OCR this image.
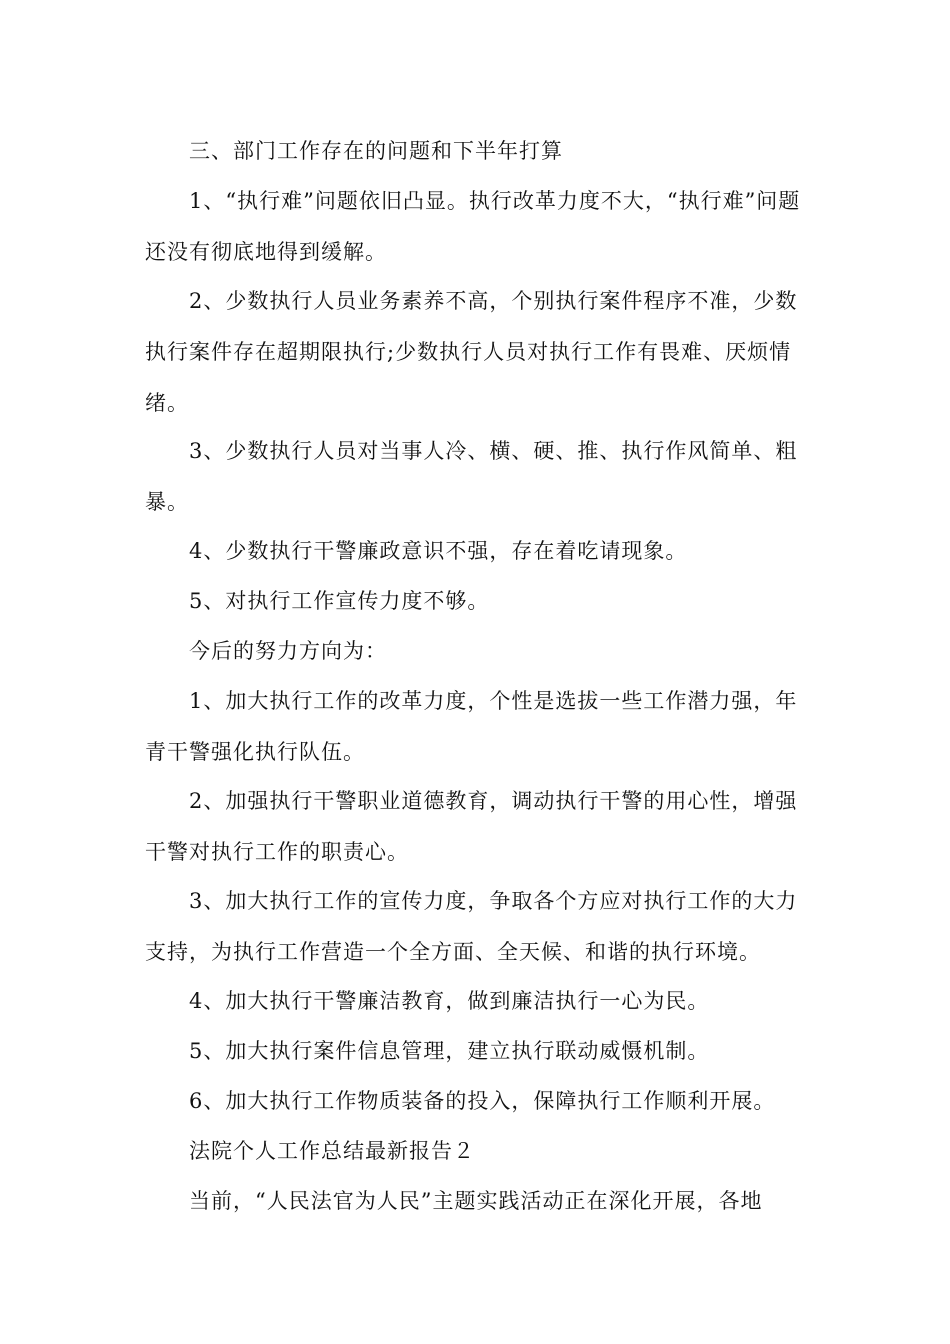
三、部门工作存在的问题和下半年打算

1、“执行难”问题依旧凸显。执行改革力度不大，“执行难”问题还没有彻底地得到缓解。

2、少数执行人员业务素养不高，个别执行案件程序不准，少数执行案件存在超期限执行;少数执行人员对执行工作有畏难、厌烦情绪。

3、少数执行人员对当事人冷、横、硬、推、执行作风简单、粗暴。

4、少数执行干警廉政意识不强，存在着吃请现象。

5、对执行工作宣传力度不够。

今后的努力方向为：

1、加大执行工作的改革力度，个性是选拔一些工作潜力强，年青干警强化执行队伍。

2、加强执行干警职业道德教育，调动执行干警的用心性，增强干警对执行工作的职责心。

3、加大执行工作的宣传力度，争取各个方应对执行工作的大力支持，为执行工作营造一个全方面、全天候、和谐的执行环境。

4、加大执行干警廉洁教育，做到廉洁执行一心为民。

5、加大执行案件信息管理，建立执行联动威慑机制。

6、加大执行工作物质装备的投入，保障执行工作顺利开展。

法院个人工作总结最新报告２

当前，“人民法官为人民”主题实践活动正在深化开展，各地
